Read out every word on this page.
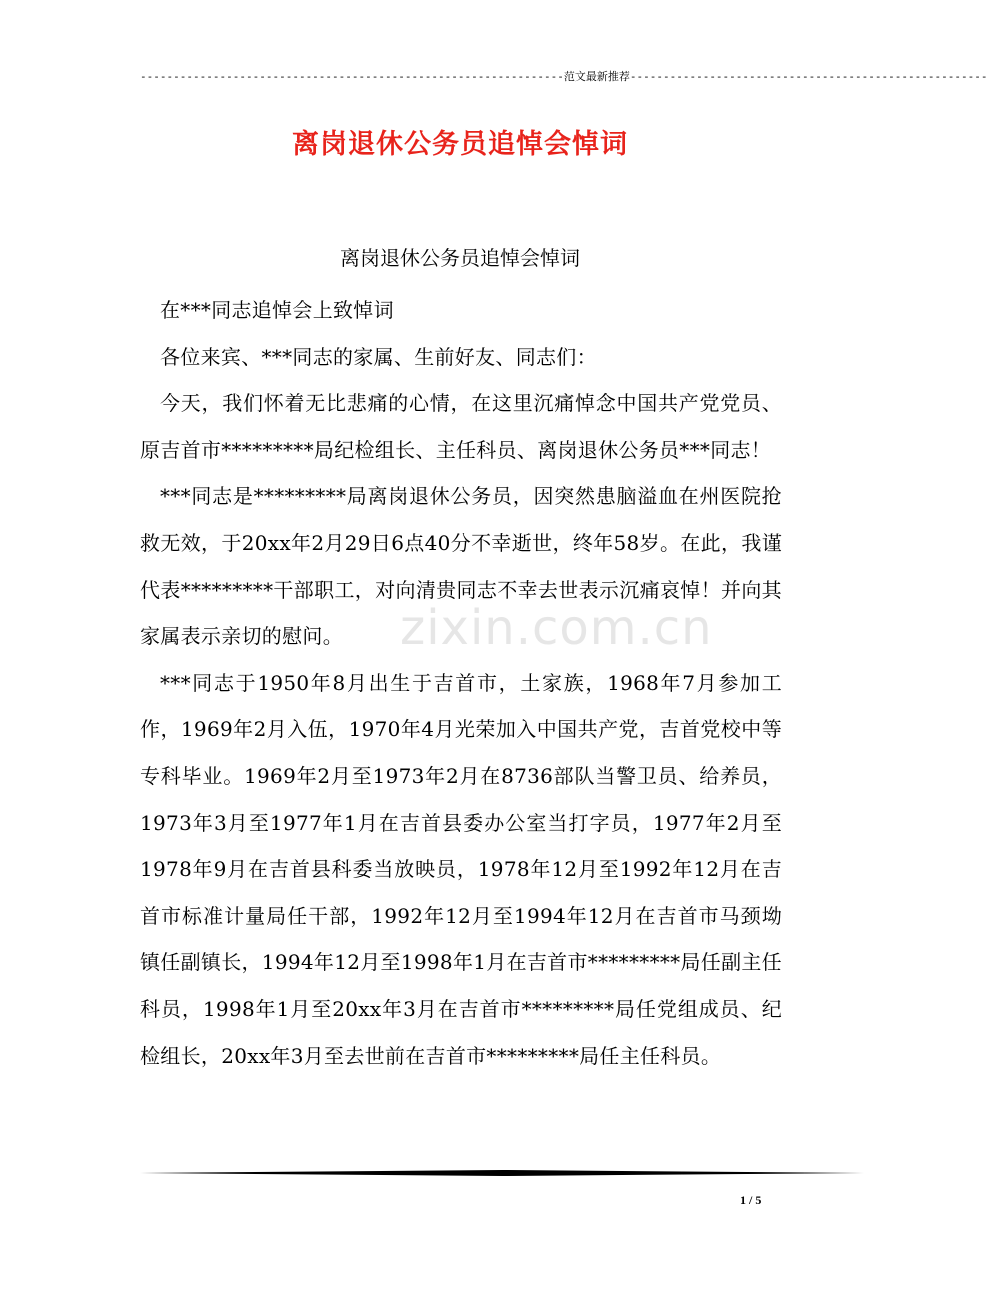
----------------------------------------------------------------范文最新推荐------------------------------------------------------
离岗退休公务员追悼会悼词
离岗退休公务员追悼会悼词

在***同志追悼会上致悼词

各位来宾、***同志的家属、生前好友、同志们：

今天，我们怀着无比悲痛的心情，在这里沉痛悼念中国共产党党员、原吉首市*********局纪检组长、主任科员、离岗退休公务员***同志！

***同志是*********局离岗退休公务员，因突然患脑溢血在州医院抢救无效，于20xx年2月29日6点40分不幸逝世，终年58岁。在此，我谨代表*********干部职工，对向清贵同志不幸去世表示沉痛哀悼！并向其家属表示亲切的慰问。

***同志于1950年8月出生于吉首市，土家族，1968年7月参加工作，1969年2月入伍，1970年4月光荣加入中国共产党，吉首党校中等专科毕业。1969年2月至1973年2月在8736部队当警卫员、给养员，1973年3月至1977年1月在吉首县委办公室当打字员，1977年2月至1978年9月在吉首县科委当放映员，1978年12月至1992年12月在吉首市标准计量局任干部，1992年12月至1994年12月在吉首市马颈坳镇任副镇长，1994年12月至1998年1月在吉首市*********局任副主任科员，1998年1月至20xx年3月在吉首市*********局任党组成员、纪检组长，20xx年3月至去世前在吉首市*********局任主任科员。

zixin.com.cn
1 / 5
